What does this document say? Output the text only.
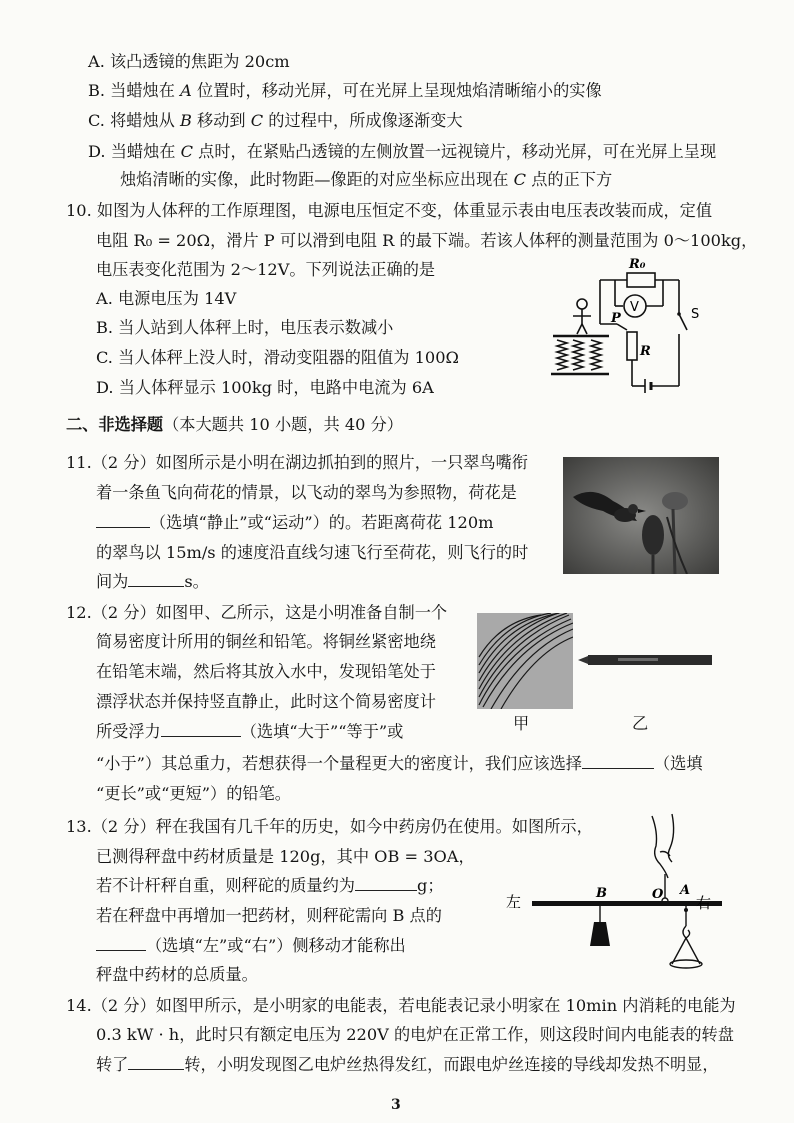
A. 该凸透镜的焦距为 20cm
B. 当蜡烛在 A 位置时，移动光屏，可在光屏上呈现烛焰清晰缩小的实像
C. 将蜡烛从 B 移动到 C 的过程中，所成像逐渐变大
D. 当蜡烛在 C 点时，在紧贴凸透镜的左侧放置一远视镜片，移动光屏，可在光屏上呈现
烛焰清晰的实像，此时物距—像距的对应坐标应出现在 C 点的正下方
10. 如图为人体秤的工作原理图，电源电压恒定不变，体重显示表由电压表改装而成，定值
电阻 R₀ = 20Ω，滑片 P 可以滑到电阻 R 的最下端。若该人体秤的测量范围为 0～100kg，
电压表变化范围为 2～12V。下列说法正确的是
A. 电源电压为 14V
B. 当人站到人体秤上时，电压表示数减小
C. 当人体秤上没人时，滑动变阻器的阻值为 100Ω
D. 当人体秤显示 100kg 时，电路中电流为 6A
R₀
V	S
P
R
二、非选择题（本大题共 10 小题，共 40 分）
11.（2 分）如图所示是小明在湖边抓拍到的照片，一只翠鸟嘴衔
着一条鱼飞向荷花的情景，以飞动的翠鸟为参照物，荷花是
（选填“静止”或“运动”）的。若距离荷花 120m
的翠鸟以 15m/s 的速度沿直线匀速飞行至荷花，则飞行的时
间为	s。
12.（2 分）如图甲、乙所示，这是小明准备自制一个
简易密度计所用的铜丝和铅笔。将铜丝紧密地绕
在铅笔末端，然后将其放入水中，发现铅笔处于
漂浮状态并保持竖直静止，此时这个简易密度计
所受浮力	（选填“大于”“等于”或
“小于”）其总重力，若想获得一个量程更大的密度计，我们应该选择	（选填
“更长”或“更短”）的铅笔。
甲	乙
13.（2 分）秤在我国有几千年的历史，如今中药房仍在使用。如图所示，
已测得秤盘中药材质量是 120g，其中 OB = 3OA，
若不计杆秤自重，则秤砣的质量约为	g；
若在秤盘中再增加一把药材，则秤砣需向 B 点的
（选填“左”或“右”）侧移动才能称出
秤盘中药材的总质量。
左	右
B	O A
14.（2 分）如图甲所示，是小明家的电能表，若电能表记录小明家在 10min 内消耗的电能为
0.3 kW · h，此时只有额定电压为 220V 的电炉在正常工作，则这段时间内电能表的转盘
转了	转，小明发现图乙电炉丝热得发红，而跟电炉丝连接的导线却发热不明显，
3
